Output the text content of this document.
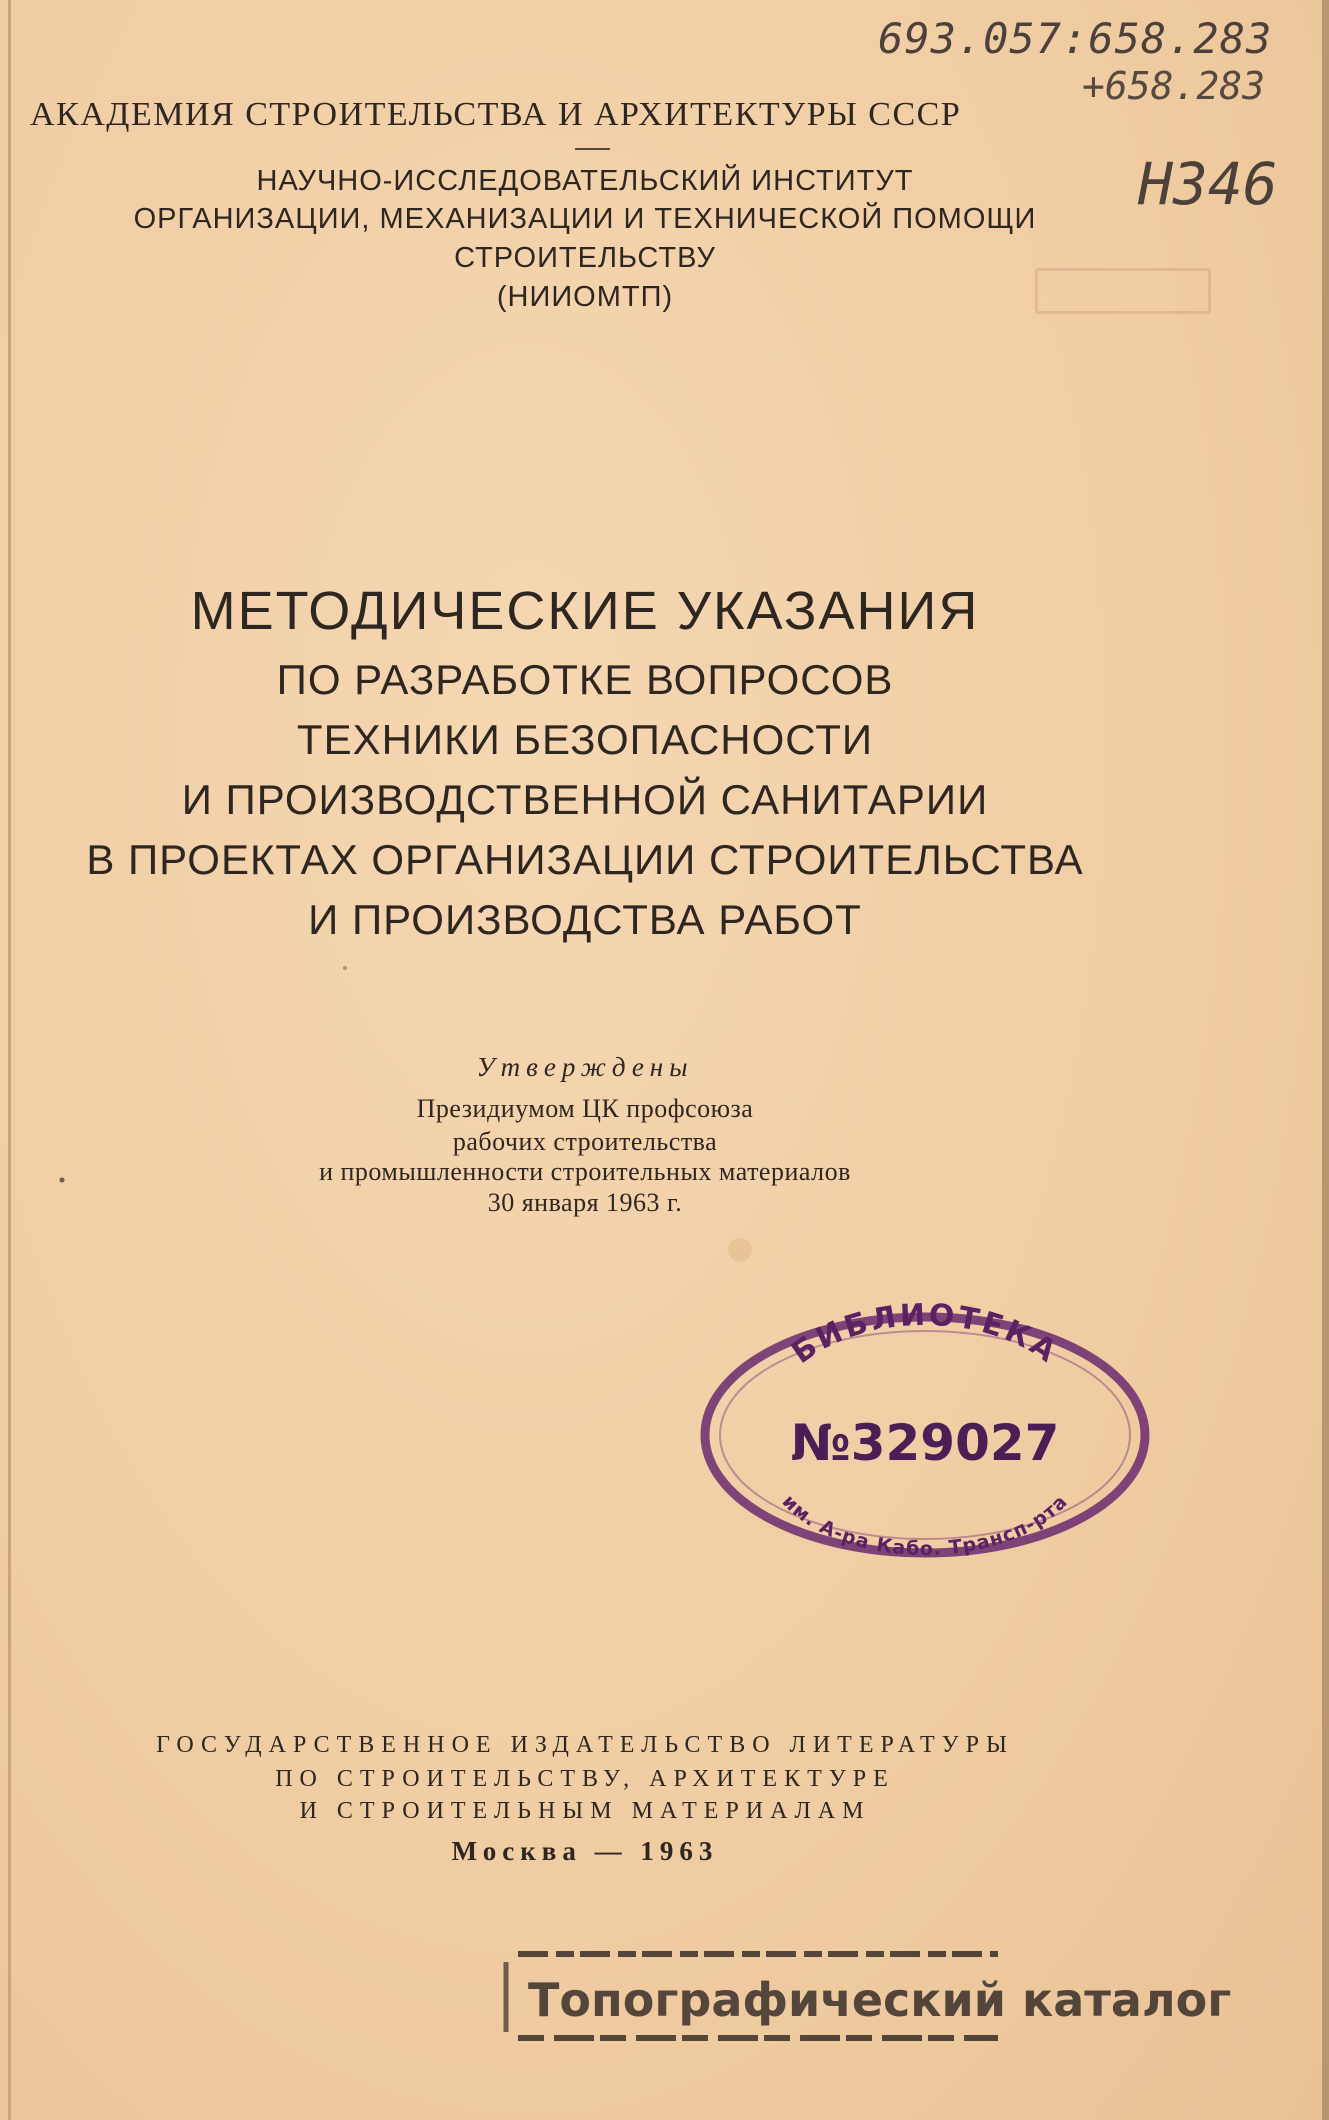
693.057:658.283
+658.283
Н346
АКАДЕМИЯ СТРОИТЕЛЬСТВА И АРХИТЕКТУРЫ СССР
НАУЧНО-ИССЛЕДОВАТЕЛЬСКИЙ ИНСТИТУТ
ОРГАНИЗАЦИИ, МЕХАНИЗАЦИИ И ТЕХНИЧЕСКОЙ ПОМОЩИ
СТРОИТЕЛЬСТВУ
(НИИОМТП)
МЕТОДИЧЕСКИЕ УКАЗАНИЯ
ПО РАЗРАБОТКЕ ВОПРОСОВ
ТЕХНИКИ БЕЗОПАСНОСТИ
И ПРОИЗВОДСТВЕННОЙ САНИТАРИИ
В ПРОЕКТАХ ОРГАНИЗАЦИИ СТРОИТЕЛЬСТВА
И ПРОИЗВОДСТВА РАБОТ
Утверждены
Президиумом ЦК профсоюза
рабочих строительства
и промышленности строительных материалов
30 января 1963 г.
БИБЛИОТЕКА
№329027
им. А-ра Кабо. Трансп-рта
ГОСУДАРСТВЕННОЕ ИЗДАТЕЛЬСТВО ЛИТЕРАТУРЫ
ПО СТРОИТЕЛЬСТВУ, АРХИТЕКТУРЕ
И СТРОИТЕЛЬНЫМ МАТЕРИАЛАМ
Москва — 1963
Топографический каталог
